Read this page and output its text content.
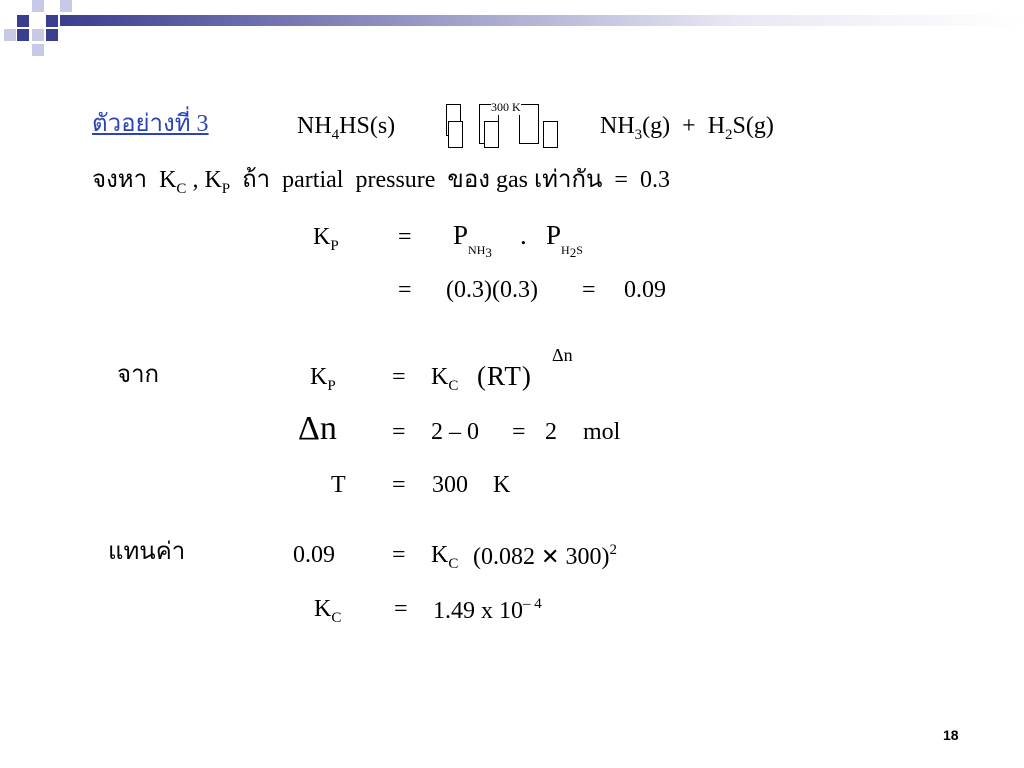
ตัวอย่างที่ 3	$NH_4HS(s)$
300 K
$NH_3(g) + H_2S(g)$
จงหา $K_C$ , $K_P$ ถ้า partial pressure ของ gas เท่ากัน = 0.3
$K_P = P_{NH3}$
. $P_{H2S}$
= (0.3)(0.3) = 0.09
จาก	$K_P = K_C$ (RT)
Δn
Δn = 2 – 0 = 2 mol
T = 300 K
แทนค่า	$0.09 = K_C$ (0.082 ✕ 300)$^2$
$K_C = 1.49$ x $10^{- 4}$
18
